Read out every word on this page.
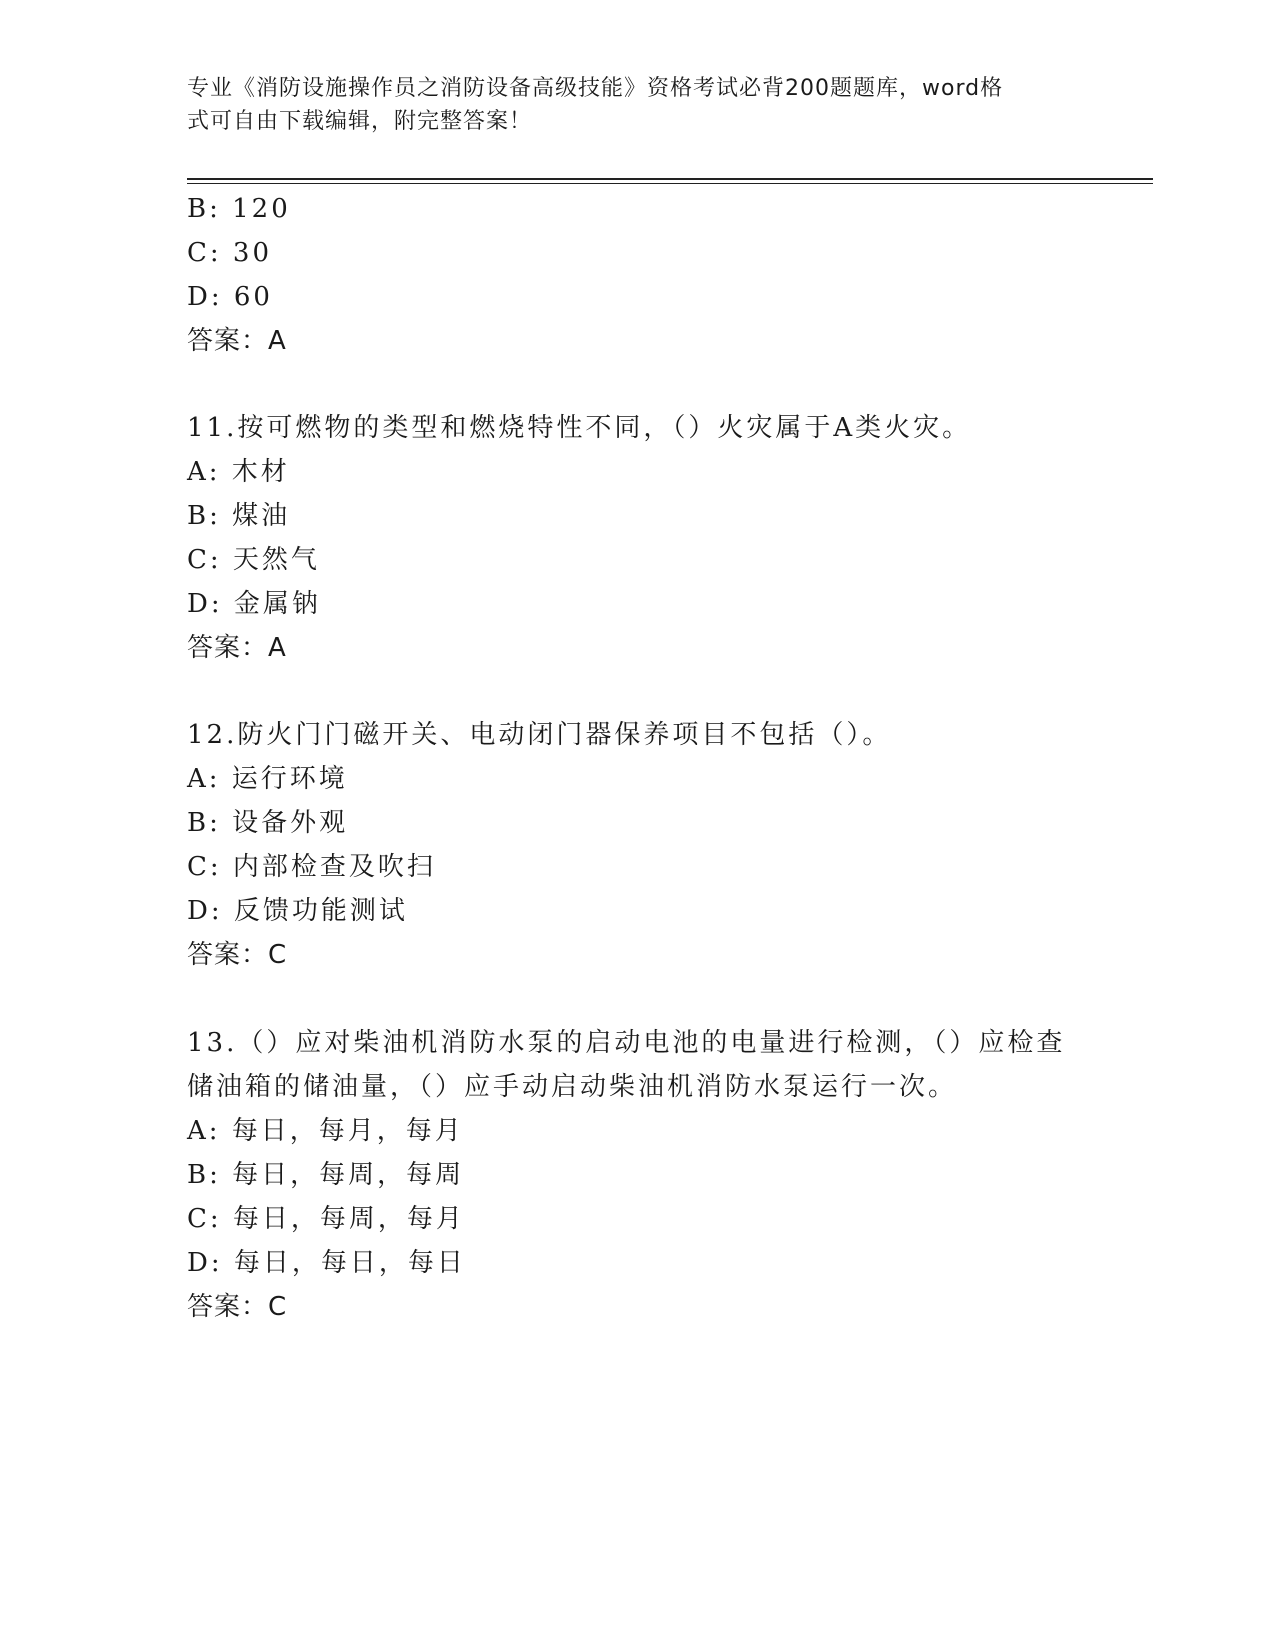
专业《消防设施操作员之消防设备高级技能》资格考试必背200题题库，word格
式可自由下载编辑，附完整答案！
B: 120
C: 30
D: 60
答案：A
11.按可燃物的类型和燃烧特性不同，（）火灾属于A类火灾。
A: 木材
B: 煤油
C: 天然气
D: 金属钠
答案：A
12.防火门门磁开关、电动闭门器保养项目不包括（）。
A: 运行环境
B: 设备外观
C: 内部检查及吹扫
D: 反馈功能测试
答案：C
13.（）应对柴油机消防水泵的启动电池的电量进行检测，（）应检查
储油箱的储油量，（）应手动启动柴油机消防水泵运行一次。
A: 每日，每月，每月
B: 每日，每周，每周
C: 每日，每周，每月
D: 每日，每日，每日
答案：C
